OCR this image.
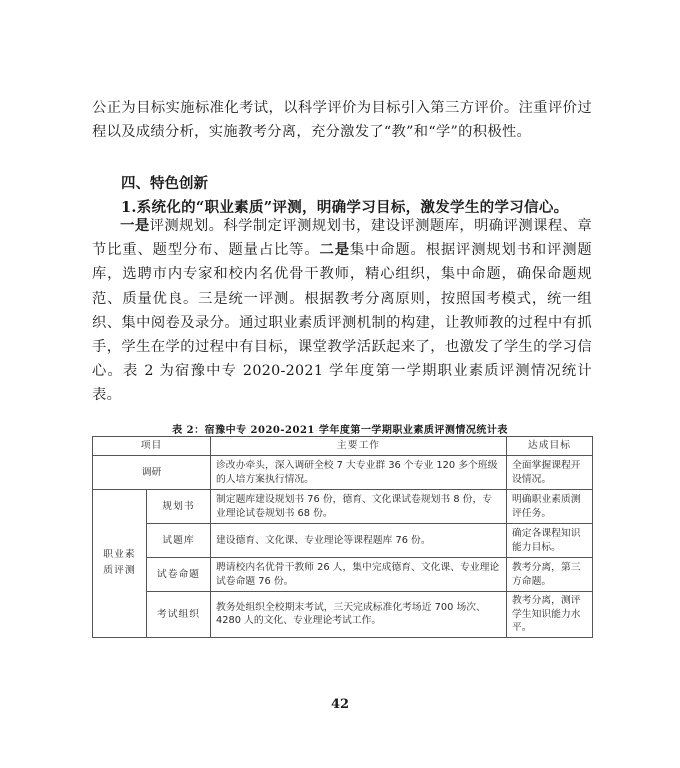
公正为目标实施标准化考试，以科学评价为目标引入第三方评价。注重评价过程以及成绩分析，实施教考分离，充分激发了“教”和“学”的积极性。

四、特色创新

1.系统化的“职业素质”评测，明确学习目标，激发学生的学习信心。

一是评测规划。科学制定评测规划书，建设评测题库，明确评测课程、章节比重、题型分布、题量占比等。二是集中命题。根据评测规划书和评测题库，选聘市内专家和校内名优骨干教师，精心组织，集中命题，确保命题规范、质量优良。三是统一评测。根据教考分离原则，按照国考模式，统一组织、集中阅卷及录分。通过职业素质评测机制的构建，让教师教的过程中有抓手，学生在学的过程中有目标，课堂教学活跃起来了，也激发了学生的学习信心。表 2 为宿豫中专 2020-2021 学年度第一学期职业素质评测情况统计表。

表 2：宿豫中专 2020-2021 学年度第一学期职业素质评测情况统计表

项目		主要工作	达成目标
调研		诊改办牵头，深入调研全校 7 大专业群 36 个专业 120 多个班级的人培方案执行情况。	全面掌握课程开设情况。
职业素质评测	规划书	制定题库建设规划书 76 份，德育、文化课试卷规划书 8 份，专业理论试卷规划书 68 份。	明确职业素质测评任务。
	试题库	建设德育、文化课、专业理论等课程题库 76 份。	确定各课程知识能力目标。
	试卷命题	聘请校内名优骨干教师 26 人，集中完成德育、文化课、专业理论试卷命题 76 份。	教考分离，第三方命题。
	考试组织	教务处组织全校期末考试，三天完成标准化考场近 700 场次、4280 人的文化、专业理论考试工作。	教考分离，测评学生知识能力水平。

42
